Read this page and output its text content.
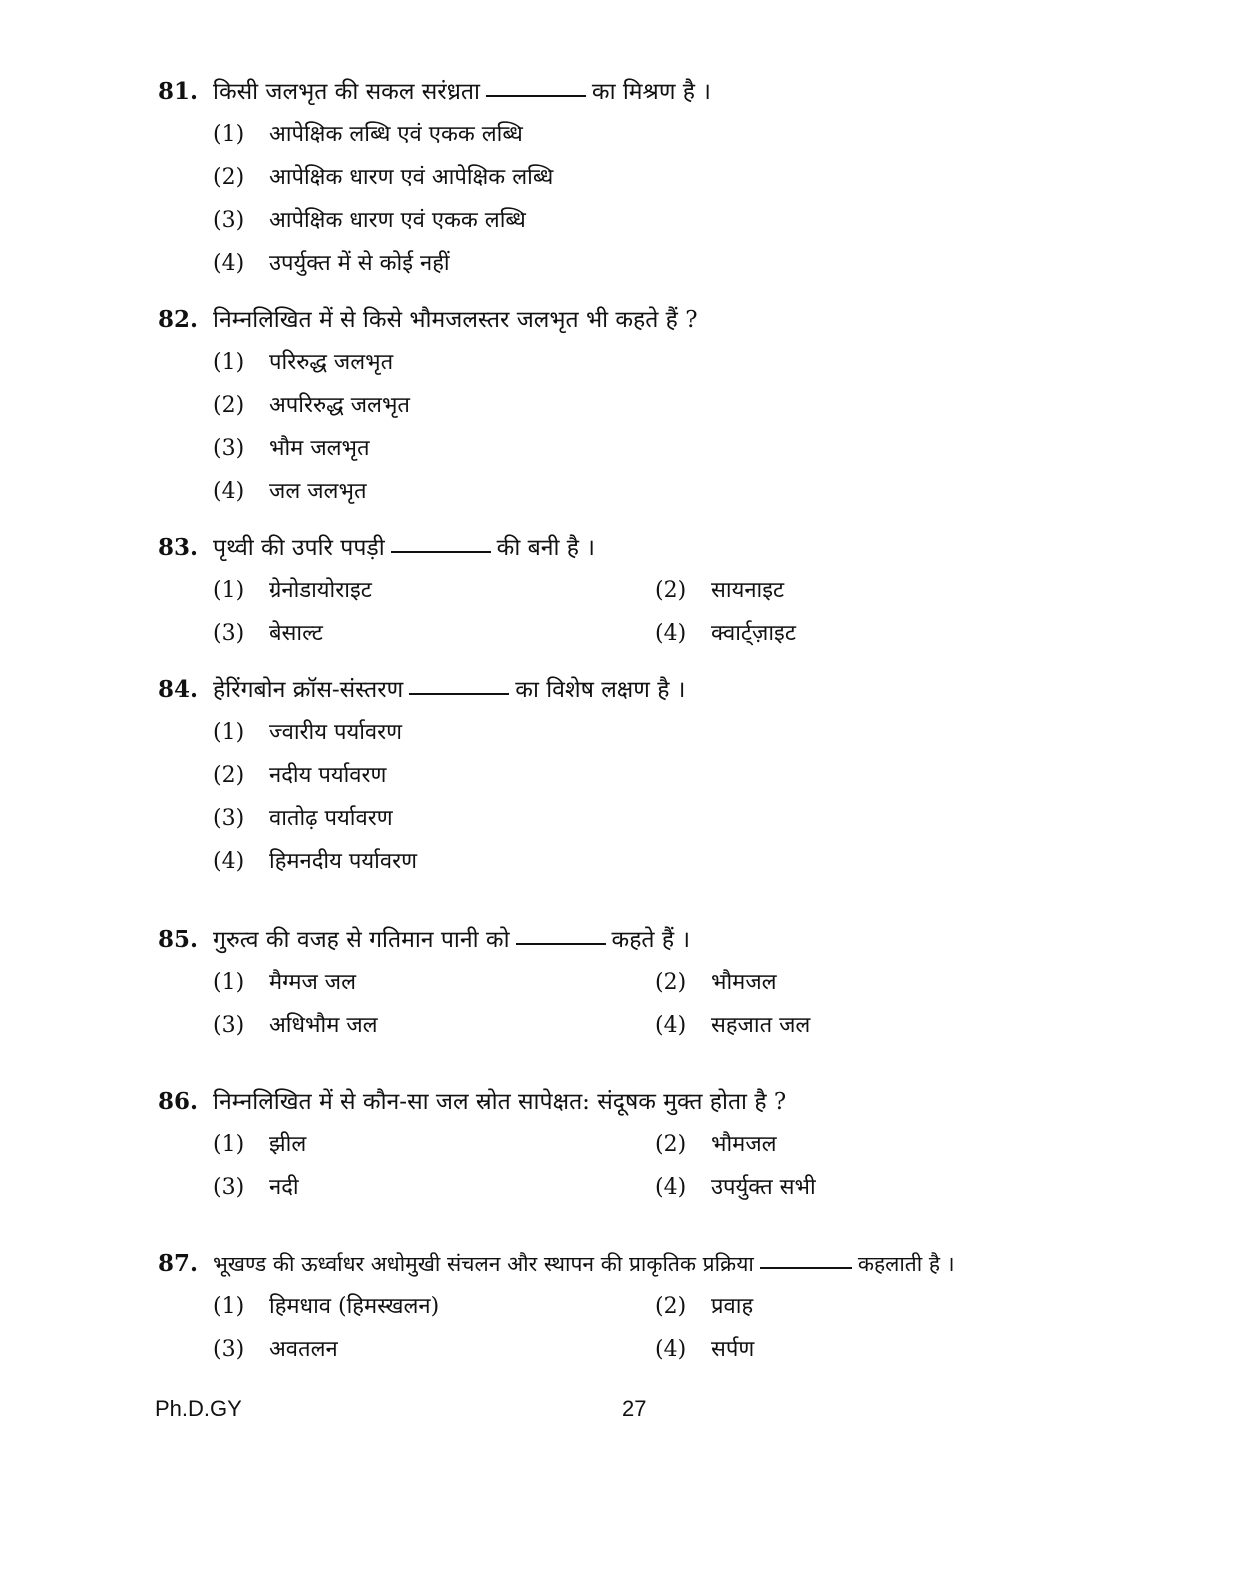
81. किसी जलभृत की सकल सरंध्रता	का मिश्रण है ।
(1) आपेक्षिक लब्धि एवं एकक लब्धि
(2) आपेक्षिक धारण एवं आपेक्षिक लब्धि
(3) आपेक्षिक धारण एवं एकक लब्धि
(4) उपर्युक्त में से कोई नहीं
82. निम्नलिखित में से किसे भौमजलस्तर जलभृत भी कहते हैं ?
(1) परिरुद्ध जलभृत
(2) अपरिरुद्ध जलभृत
(3) भौम जलभृत
(4) जल जलभृत
83. पृथ्वी की उपरि पपड़ी	की बनी है ।
(1) ग्रेनोडायोराइट	(2) सायनाइट
(3) बेसाल्ट	(4) क्वार्ट्ज़ाइट
84. हेरिंगबोन क्रॉस-संस्तरण	का विशेष लक्षण है ।
(1) ज्वारीय पर्यावरण
(2) नदीय पर्यावरण
(3) वातोढ़ पर्यावरण
(4) हिमनदीय पर्यावरण
85. गुरुत्व की वजह से गतिमान पानी को	कहते हैं ।
(1) मैग्मज जल	(2) भौमजल
(3) अधिभौम जल	(4) सहजात जल
86. निम्नलिखित में से कौन-सा जल स्रोत सापेक्षत: संदूषक मुक्त होता है ?
(1) झील	(2) भौमजल
(3) नदी	(4) उपर्युक्त सभी
87. भूखण्ड की ऊर्ध्वाधर अधोमुखी संचलन और स्थापन की प्राकृतिक प्रक्रिया	कहलाती है ।
(1) हिमधाव (हिमस्खलन)	(2) प्रवाह
(3) अवतलन	(4) सर्पण
Ph.D.GY	27
